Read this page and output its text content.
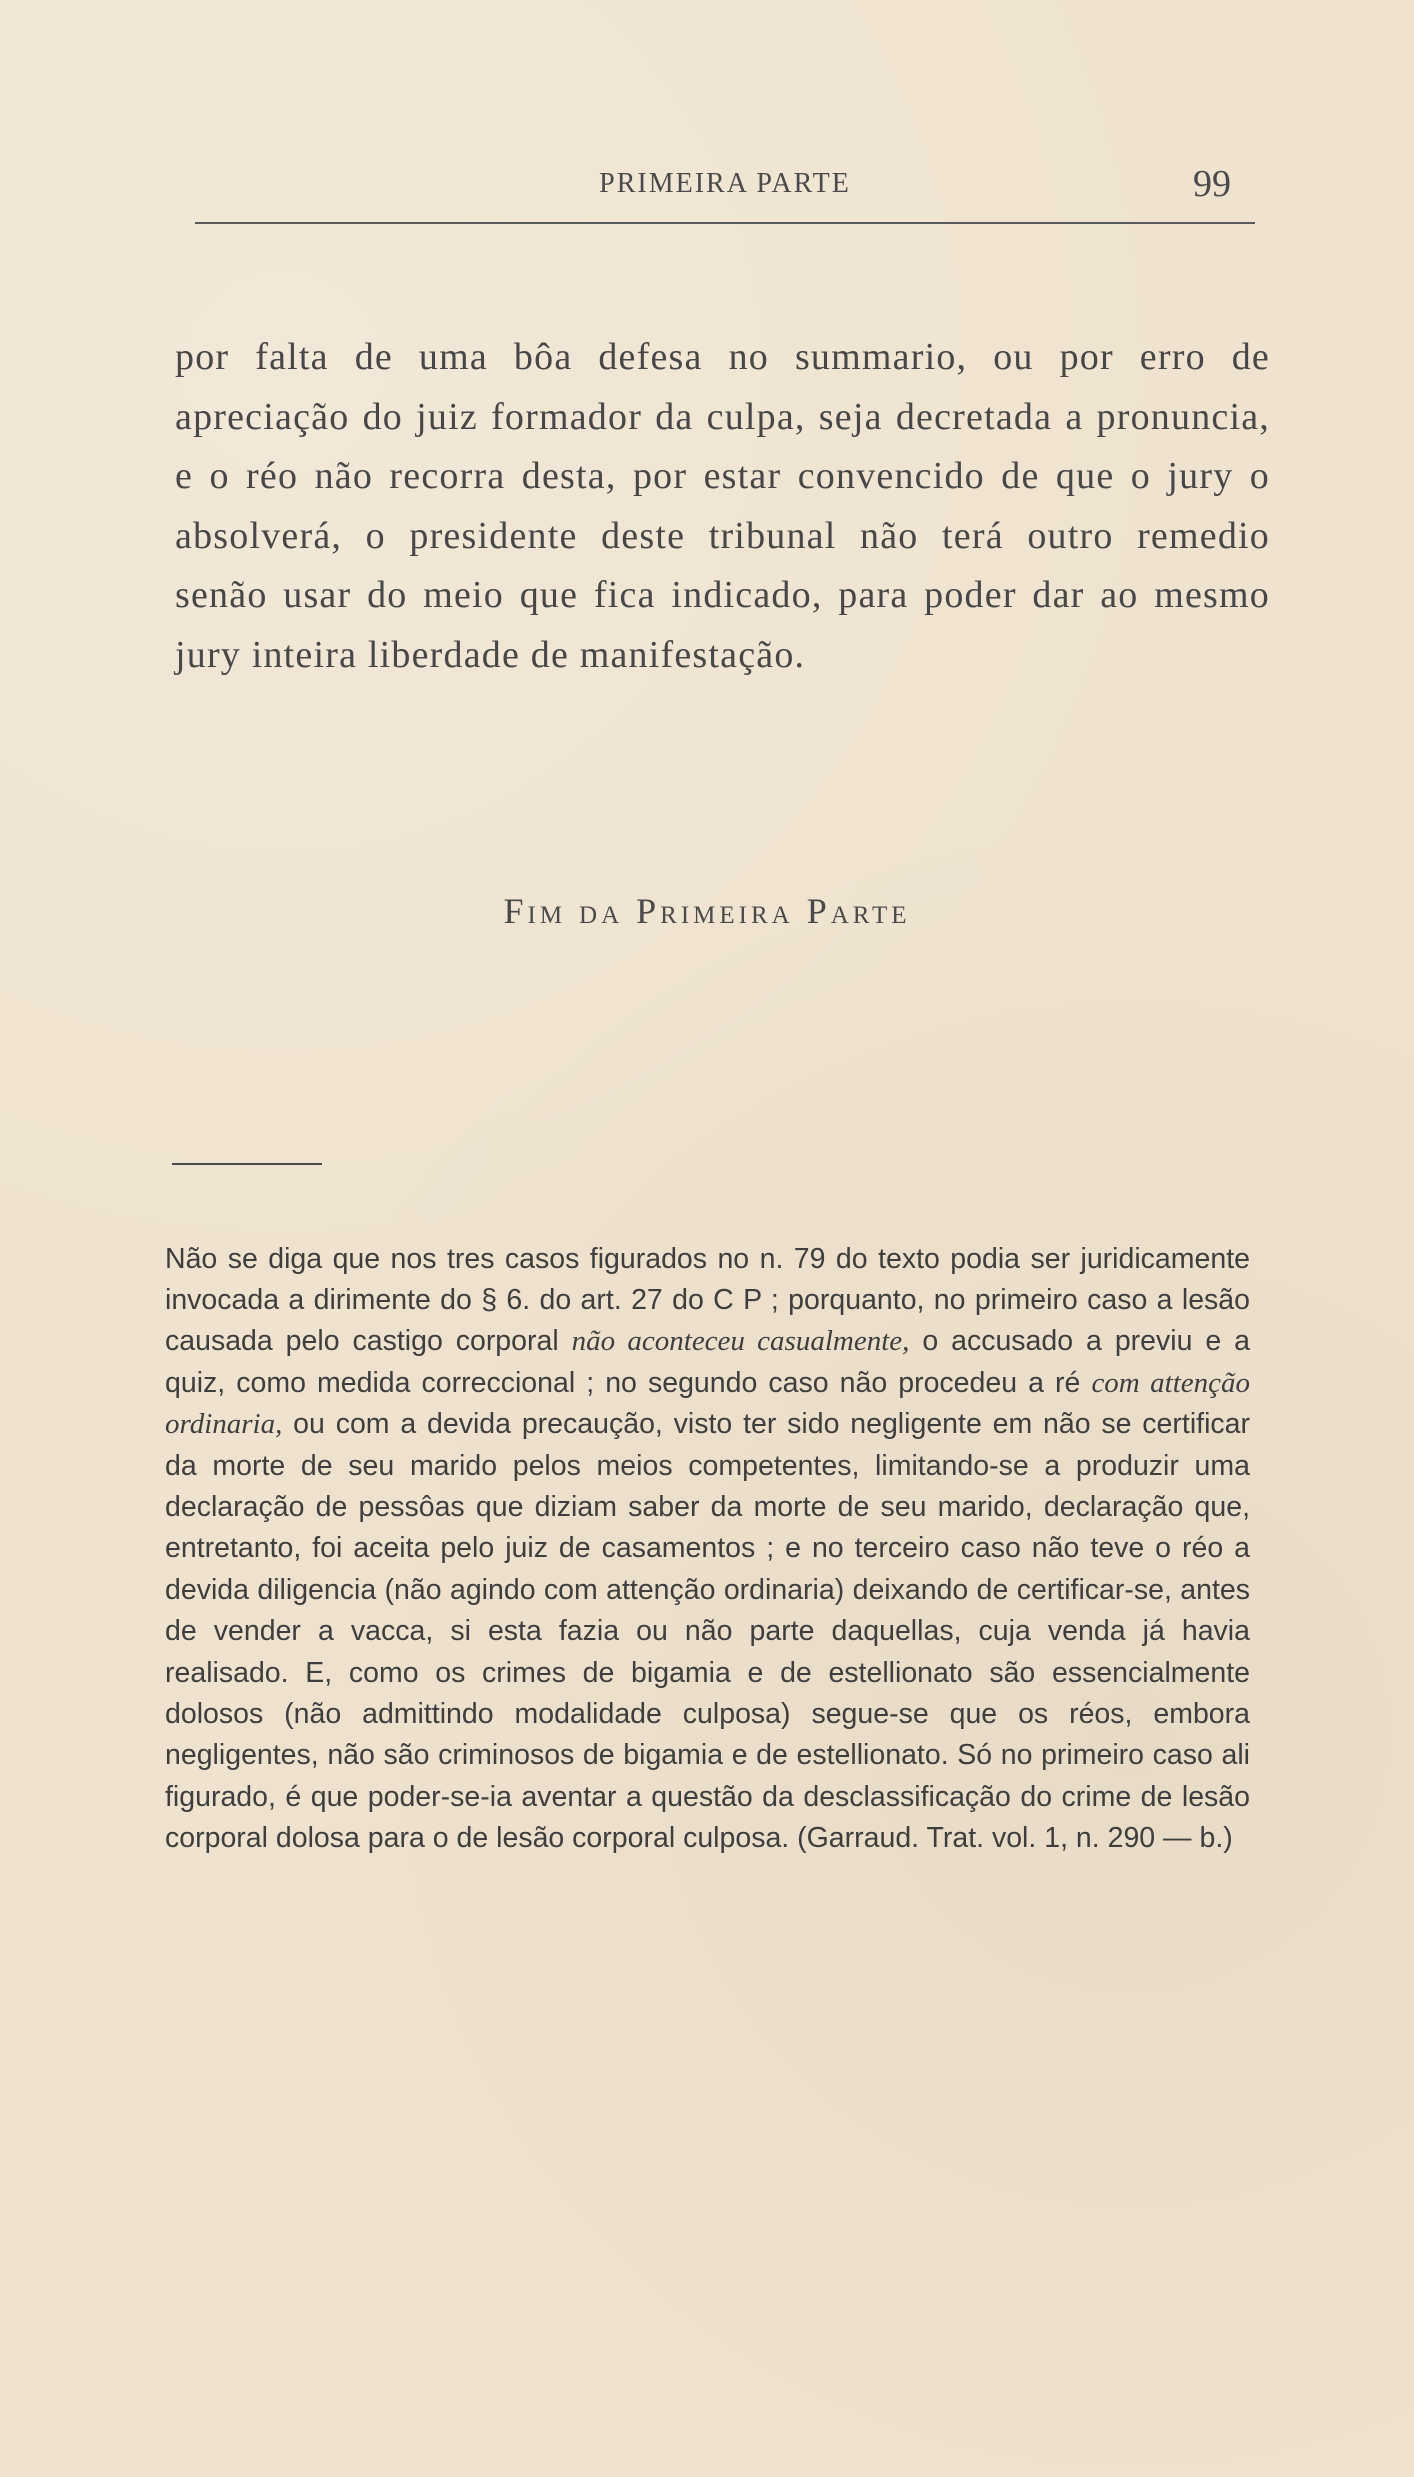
PRIMEIRA PARTE	99

por falta de uma bôa defesa no summario, ou por erro de apreciação do juiz formador da culpa, seja decretada a pronuncia, e o réo não recorra desta, por estar convencido de que o jury o absolverá, o presidente deste tribunal não terá outro remedio senão usar do meio que fica indicado, para poder dar ao mesmo jury inteira liberdade de manifestação.

Fim da Primeira Parte

Não se diga que nos tres casos figurados no n. 79 do texto podia ser juridicamente invocada a dirimente do § 6. do art. 27 do C P ; porquanto, no primeiro caso a lesão causada pelo castigo corporal não aconteceu casualmente, o accusado a previu e a quiz, como medida correccional ; no segundo caso não procedeu a ré com attenção ordinaria, ou com a devida precaução, visto ter sido negligente em não se certificar da morte de seu marido pelos meios competentes, limitando-se a produzir uma declaração de pessôas que diziam saber da morte de seu marido, declaração que, entretanto, foi aceita pelo juiz de casamentos ; e no terceiro caso não teve o réo a devida diligencia (não agindo com attenção ordinaria) deixando de certificar-se, antes de vender a vacca, si esta fazia ou não parte daquellas, cuja venda já havia realisado. E, como os crimes de bigamia e de estellionato são essencialmente dolosos (não admittindo modalidade culposa) segue-se que os réos, embora negligentes, não são criminosos de bigamia e de estellionato. Só no primeiro caso ali figurado, é que poder-se-ia aventar a questão da desclassificação do crime de lesão corporal dolosa para o de lesão corporal culposa. (Garraud. Trat. vol. 1, n. 290 — b.)
